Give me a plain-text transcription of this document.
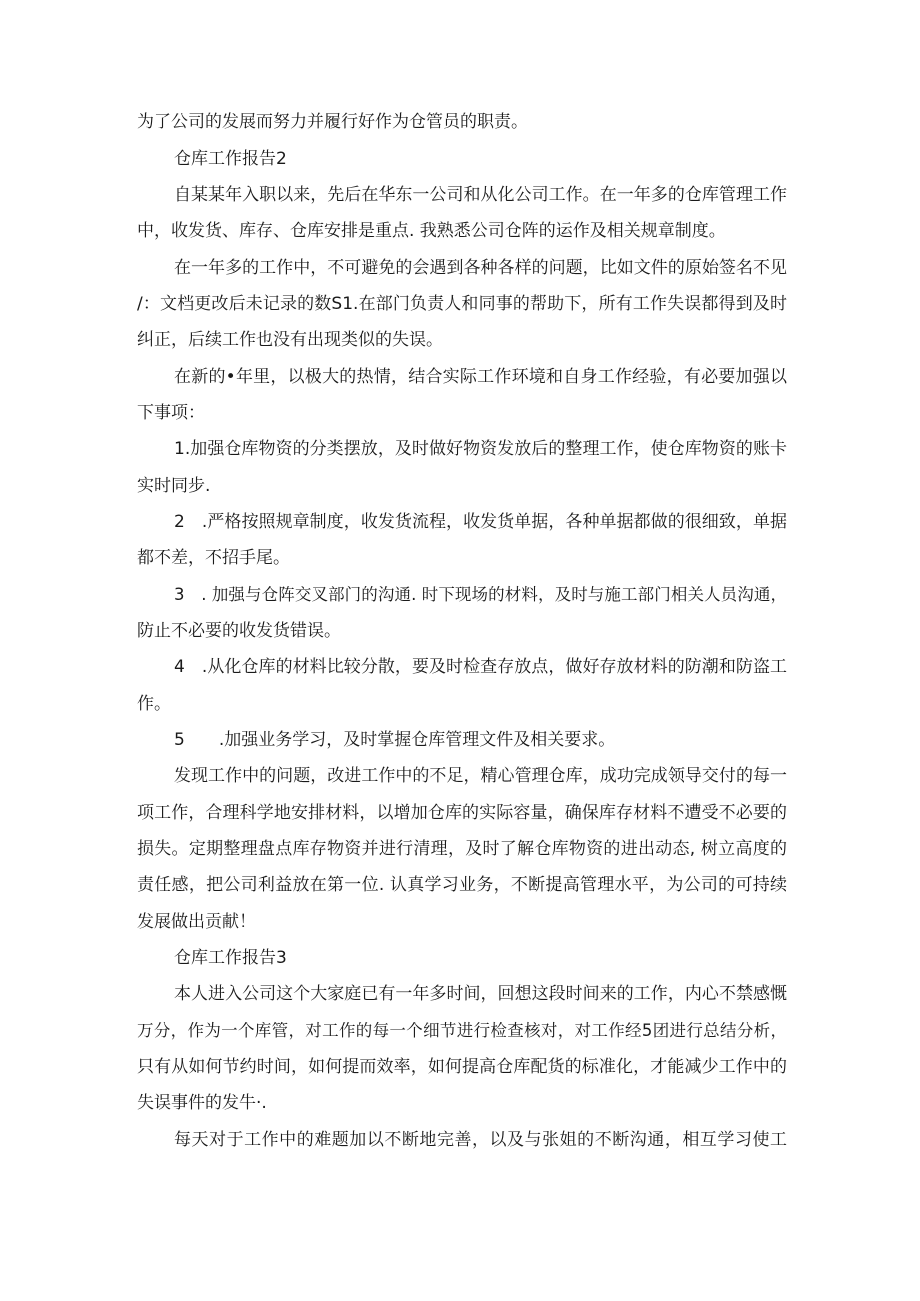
为了公司的发展而努力并履行好作为仓管员的职责。
仓库工作报告2
自某某年入职以来，先后在华东一公司和从化公司工作。在一年多的仓库管理工作
中，收发货、库存、仓库安排是重点. 我熟悉公司仓阵的运作及相关规章制度。
在一年多的工作中，不可避免的会遇到各种各样的问题，比如文件的原始签名不见
/：文档更改后未记录的数S1.在部门负责人和同事的帮助下，所有工作失误都得到及时
纠正，后续工作也没有出现类似的失误。
在新的•年里，以极大的热情，结合实际工作环境和自身工作经验，有必要加强以
下事项：
1.加强仓库物资的分类摆放，及时做好物资发放后的整理工作，使仓库物资的账卡
实时同步.
2　.严格按照规章制度，收发货流程，收发货单据，各种单据都做的很细致，单据
都不差，不招手尾。
3　. 加强与仓阵交叉部门的沟通. 时下现场的材料，及时与施工部门相关人员沟通，
防止不必要的收发货错误。
4　.从化仓库的材料比较分散，要及时检查存放点，做好存放材料的防潮和防盗工
作。
5　　.加强业务学习，及时掌握仓库管理文件及相关要求。
发现工作中的问题，改进工作中的不足，精心管理仓库，成功完成领导交付的每一
项工作，合理科学地安排材料，以增加仓库的实际容量，确保库存材料不遭受不必要的
损失。定期整理盘点库存物资并进行清理，及时了解仓库物资的进出动态, 树立高度的
责任感，把公司利益放在第一位. 认真学习业务，不断提高管理水平，为公司的可持续
发展做出贡献！
仓库工作报告3
本人进入公司这个大家庭已有一年多时间，回想这段时间来的工作，内心不禁感慨
万分，作为一个库管，对工作的每一个细节进行检查核对，对工作经5团进行总结分析，
只有从如何节约时间，如何提而效率，如何提高仓库配货的标准化，才能减少工作中的
失误事件的发牛·.
每天对于工作中的难题加以不断地完善，以及与张姐的不断沟通，相互学习使工
